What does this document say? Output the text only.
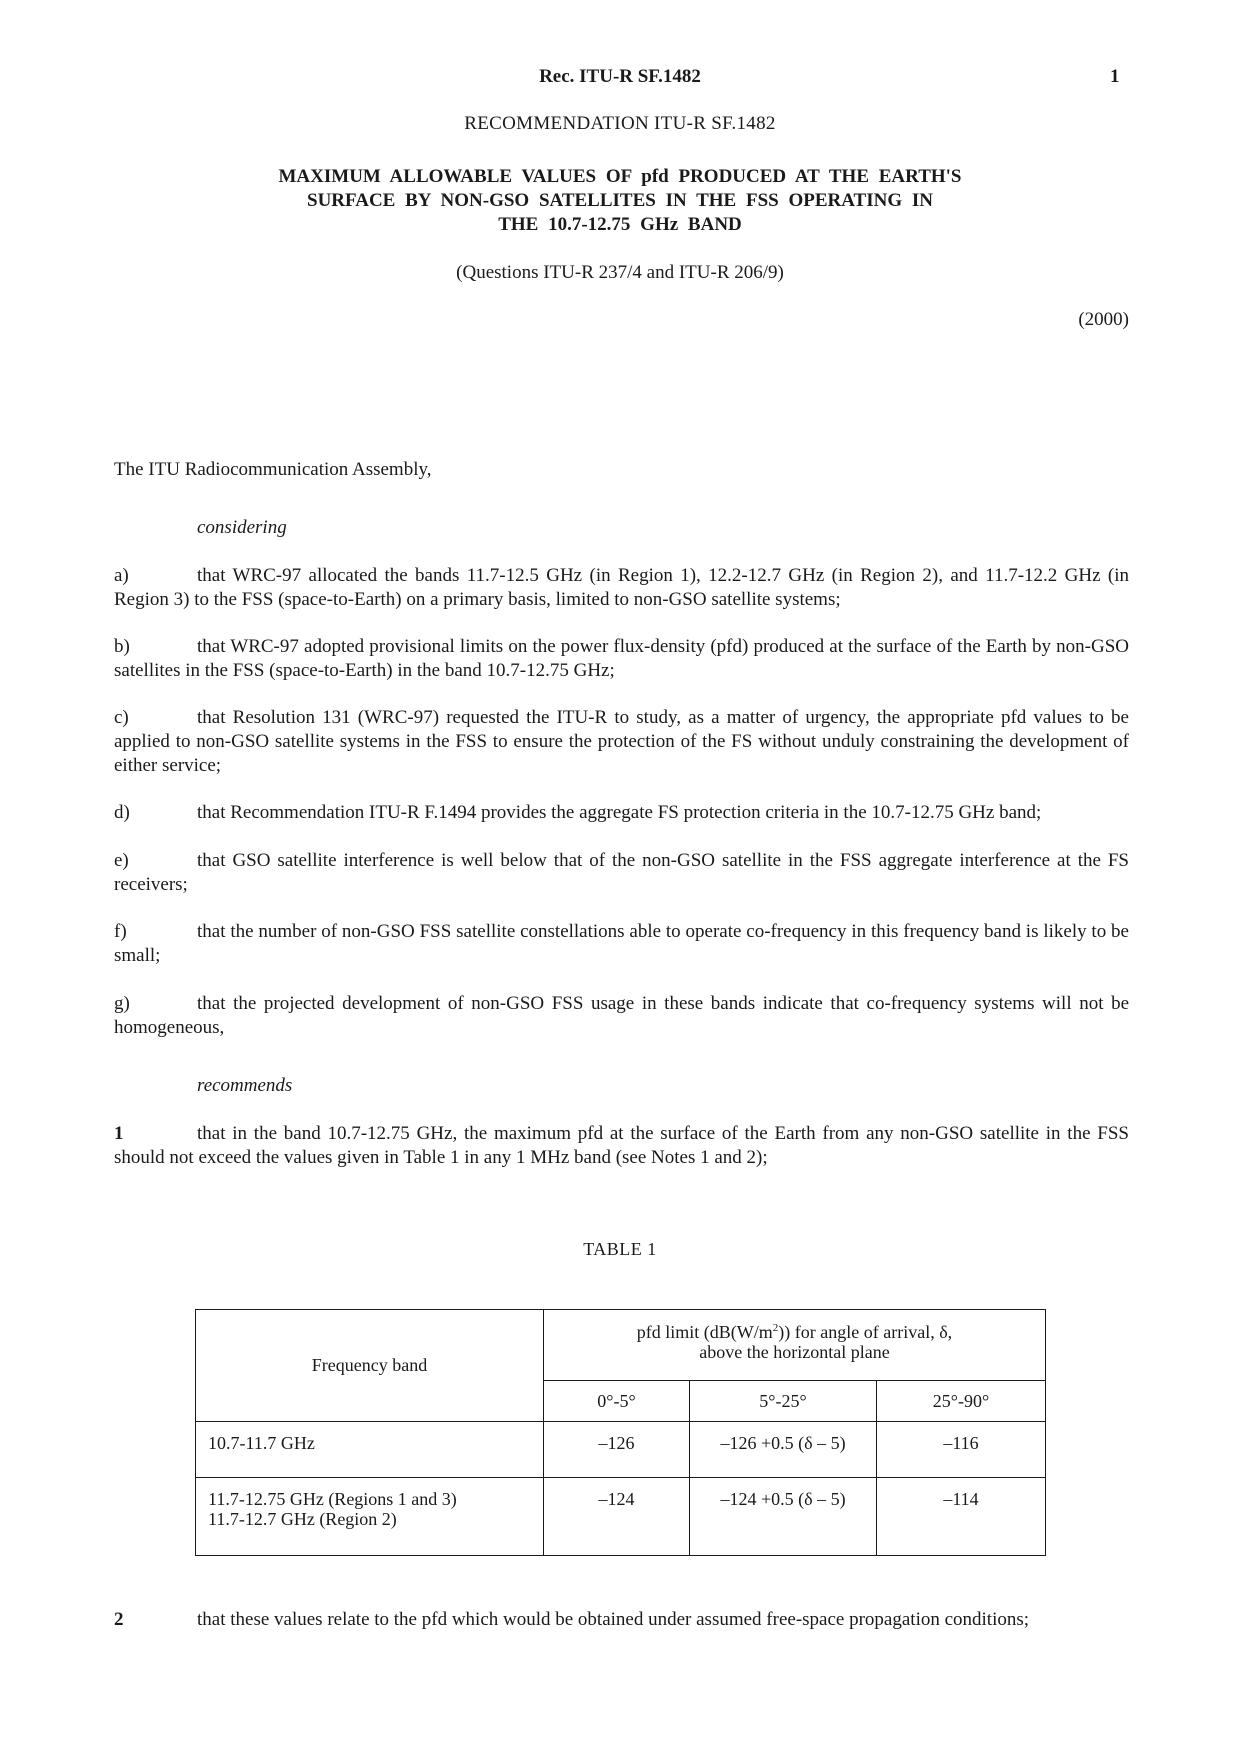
Rec. ITU-R SF.1482	1
RECOMMENDATION ITU-R SF.1482
MAXIMUM ALLOWABLE VALUES OF pfd PRODUCED AT THE EARTH'S
SURFACE BY NON-GSO SATELLITES IN THE FSS OPERATING IN
THE 10.7-12.75 GHz BAND
(Questions ITU-R 237/4 and ITU-R 206/9)
(2000)
The ITU Radiocommunication Assembly,
considering
a)	that WRC-97 allocated the bands 11.7-12.5 GHz (in Region 1), 12.2-12.7 GHz (in Region 2), and 11.7-12.2 GHz (in Region 3) to the FSS (space-to-Earth) on a primary basis, limited to non-GSO satellite systems;
b)	that WRC-97 adopted provisional limits on the power flux-density (pfd) produced at the surface of the Earth by non-GSO satellites in the FSS (space-to-Earth) in the band 10.7-12.75 GHz;
c)	that Resolution 131 (WRC-97) requested the ITU-R to study, as a matter of urgency, the appropriate pfd values to be applied to non-GSO satellite systems in the FSS to ensure the protection of the FS without unduly constraining the development of either service;
d)	that Recommendation ITU-R F.1494 provides the aggregate FS protection criteria in the 10.7-12.75 GHz band;
e)	that GSO satellite interference is well below that of the non-GSO satellite in the FSS aggregate interference at the FS receivers;
f)	that the number of non-GSO FSS satellite constellations able to operate co-frequency in this frequency band is likely to be small;
g)	that the projected development of non-GSO FSS usage in these bands indicate that co-frequency systems will not be homogeneous,
recommends
1	that in the band 10.7-12.75 GHz, the maximum pfd at the surface of the Earth from any non-GSO satellite in the FSS should not exceed the values given in Table 1 in any 1 MHz band (see Notes 1 and 2);
TABLE 1
Frequency band	pfd limit $(dB(W/m^2))$ for angle of arrival, δ,
above the horizontal plane		
	0°-5°	5°-25°	25°-90°
10.7-11.7 GHz	–126	–126 +0.5 (δ – 5)	–116

11.7-12.75 GHz (Regions 1 and 3)
11.7-12.7 GHz (Region 2)	–124	–124 +0.5 (δ – 5)	–114
2	that these values relate to the pfd which would be obtained under assumed free-space propagation conditions;
